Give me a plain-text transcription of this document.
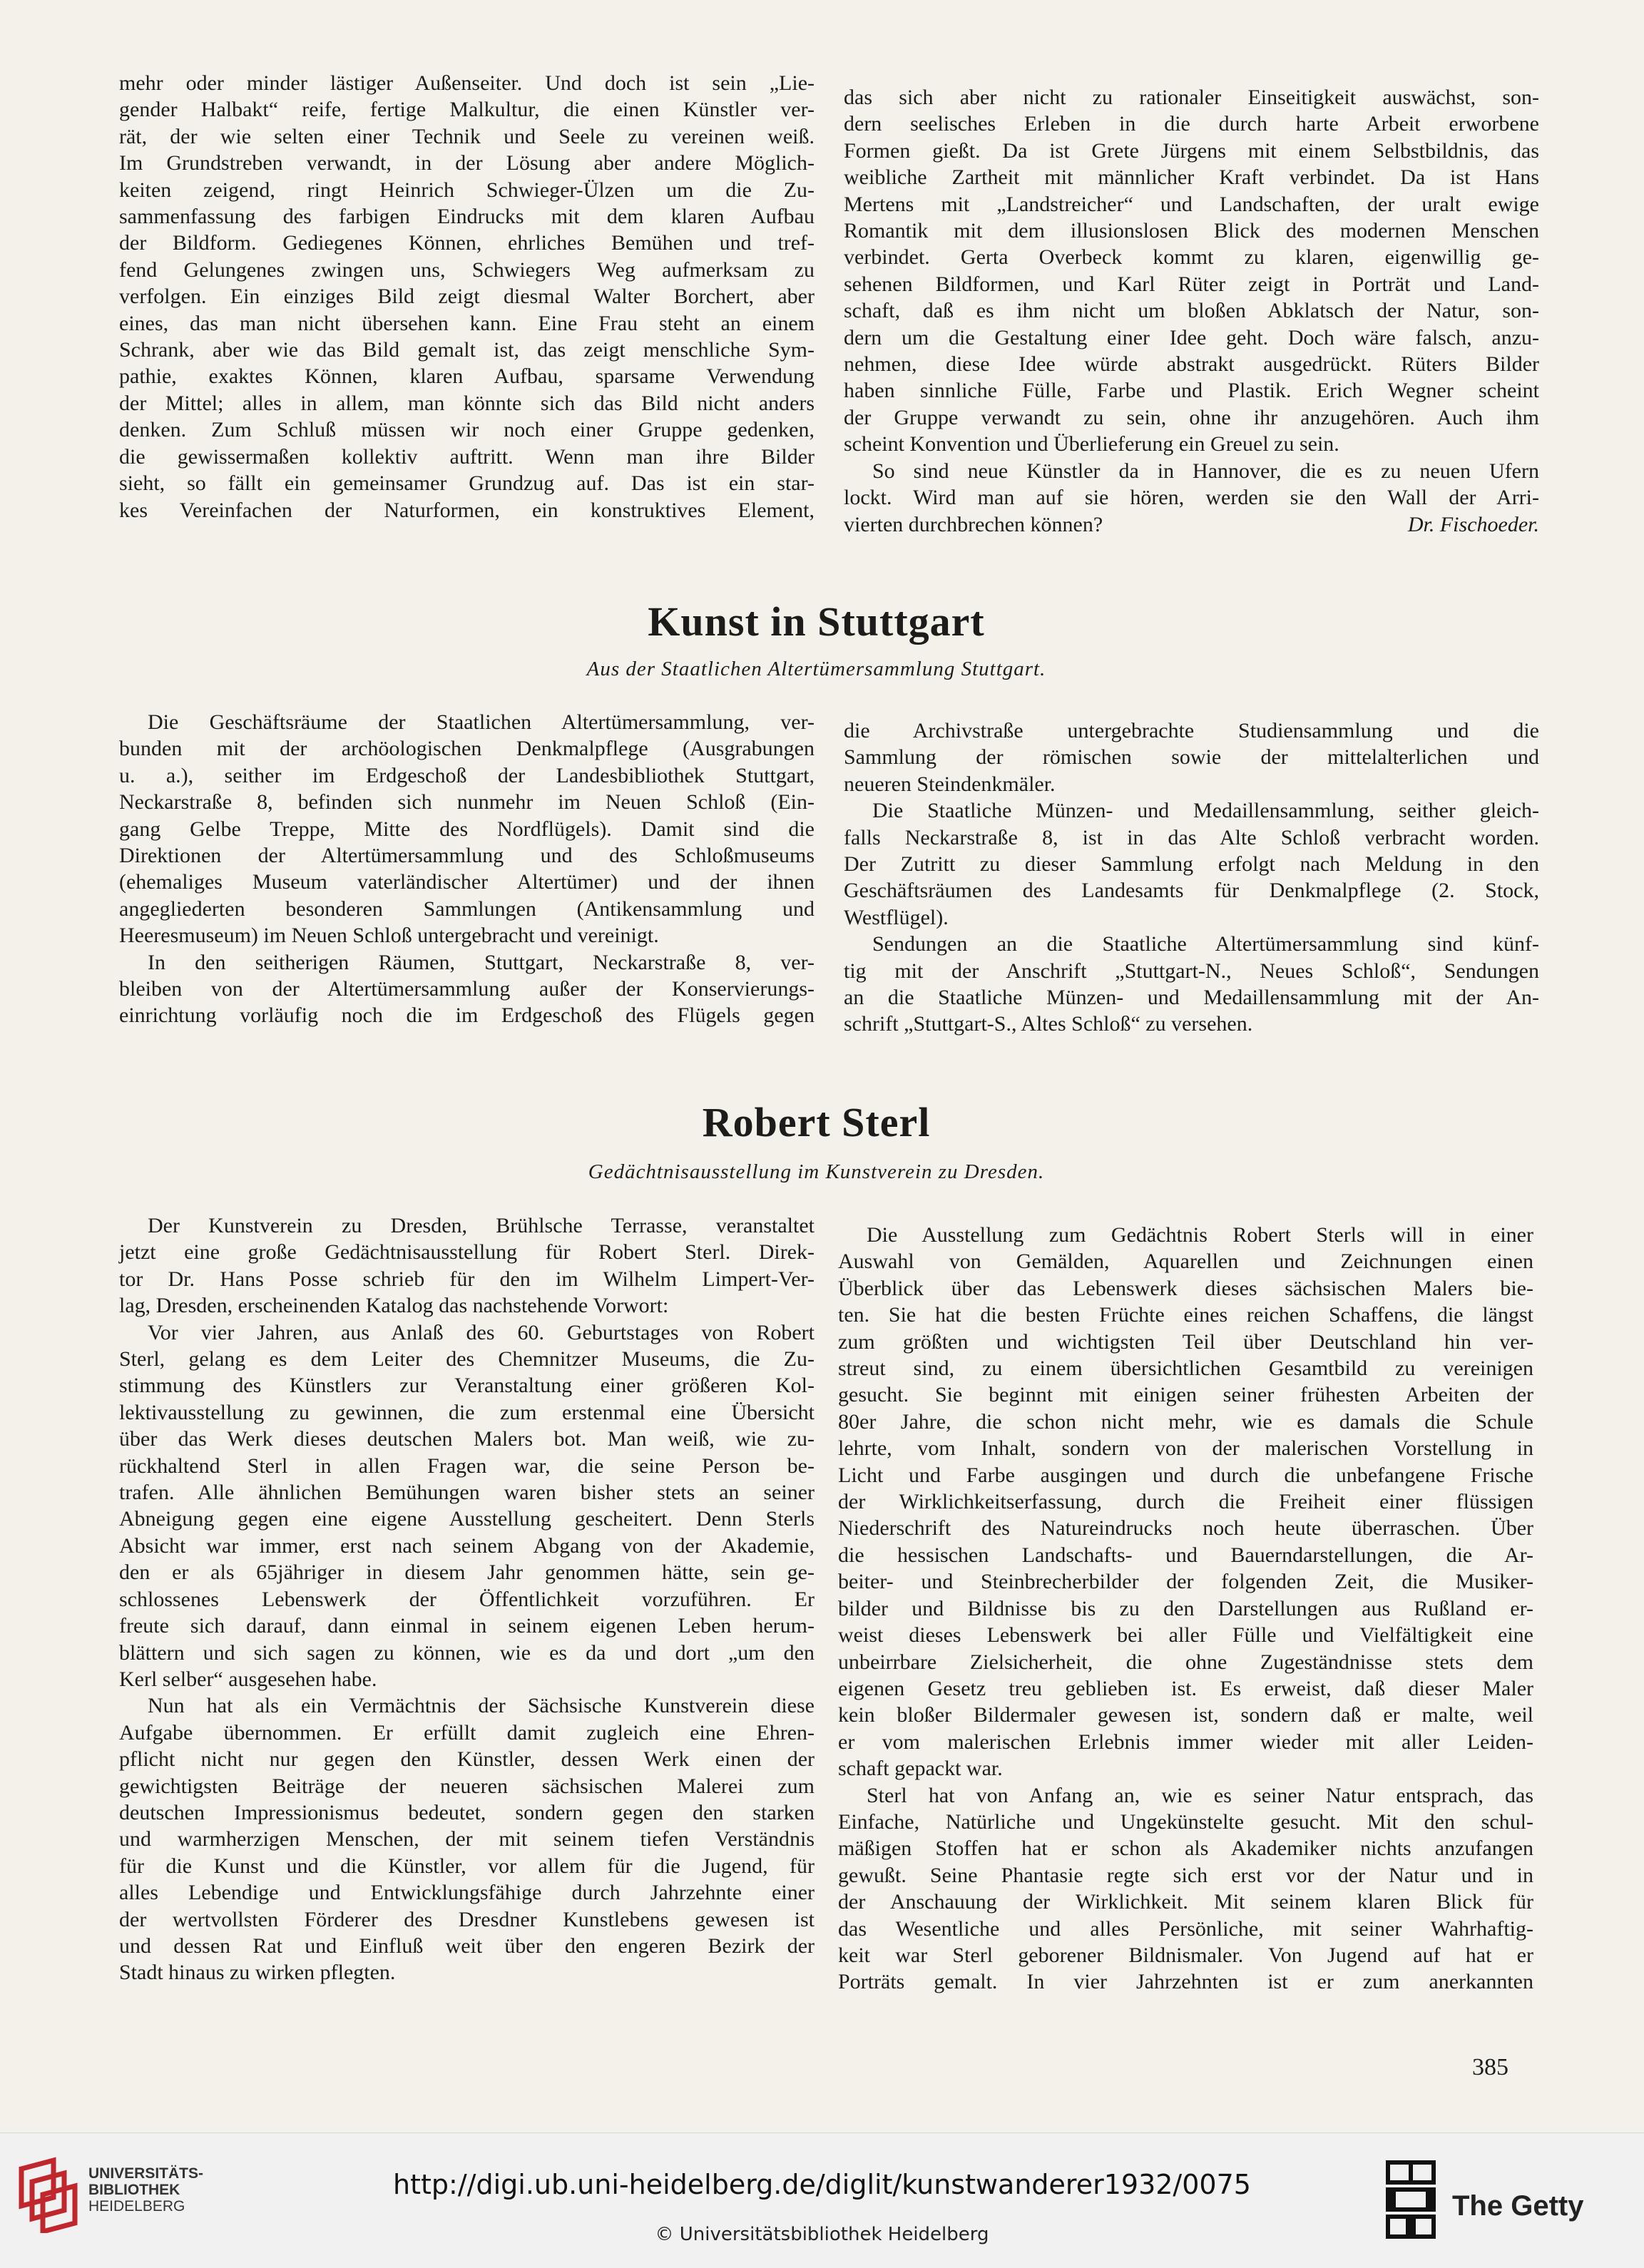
mehr oder minder lästiger Außenseiter. Und doch ist sein „Lie-

gender Halbakt“ reife, fertige Malkultur, die einen Künstler ver-

rät, der wie selten einer Technik und Seele zu vereinen weiß.

Im Grundstreben verwandt, in der Lösung aber andere Möglich-

keiten zeigend, ringt Heinrich Schwieger-Ülzen um die Zu-

sammenfassung des farbigen Eindrucks mit dem klaren Aufbau

der Bildform. Gediegenes Können, ehrliches Bemühen und tref-

fend Gelungenes zwingen uns, Schwiegers Weg aufmerksam zu

verfolgen. Ein einziges Bild zeigt diesmal Walter Borchert, aber

eines, das man nicht übersehen kann. Eine Frau steht an einem

Schrank, aber wie das Bild gemalt ist, das zeigt menschliche Sym-

pathie, exaktes Können, klaren Aufbau, sparsame Verwendung

der Mittel; alles in allem, man könnte sich das Bild nicht anders

denken. Zum Schluß müssen wir noch einer Gruppe gedenken,

die gewissermaßen kollektiv auftritt. Wenn man ihre Bilder

sieht, so fällt ein gemeinsamer Grundzug auf. Das ist ein star-

kes Vereinfachen der Naturformen, ein konstruktives Element,

das sich aber nicht zu rationaler Einseitigkeit auswächst, son-

dern seelisches Erleben in die durch harte Arbeit erworbene

Formen gießt. Da ist Grete Jürgens mit einem Selbstbildnis, das

weibliche Zartheit mit männlicher Kraft verbindet. Da ist Hans

Mertens mit „Landstreicher“ und Landschaften, der uralt ewige

Romantik mit dem illusionslosen Blick des modernen Menschen

verbindet. Gerta Overbeck kommt zu klaren, eigenwillig ge-

sehenen Bildformen, und Karl Rüter zeigt in Porträt und Land-

schaft, daß es ihm nicht um bloßen Abklatsch der Natur, son-

dern um die Gestaltung einer Idee geht. Doch wäre falsch, anzu-

nehmen, diese Idee würde abstrakt ausgedrückt. Rüters Bilder

haben sinnliche Fülle, Farbe und Plastik. Erich Wegner scheint

der Gruppe verwandt zu sein, ohne ihr anzugehören. Auch ihm

scheint Konvention und Überlieferung ein Greuel zu sein.

So sind neue Künstler da in Hannover, die es zu neuen Ufern

lockt. Wird man auf sie hören, werden sie den Wall der Arri-

vierten durchbrechen können?	Dr. Fischoeder.

Kunst in Stuttgart
Aus der Staatlichen Altertümersammlung Stuttgart.

Die Geschäftsräume der Staatlichen Altertümersammlung, ver-

bunden mit der archöologischen Denkmalpflege (Ausgrabungen

u. a.), seither im Erdgeschoß der Landesbibliothek Stuttgart,

Neckarstraße 8, befinden sich nunmehr im Neuen Schloß (Ein-

gang Gelbe Treppe, Mitte des Nordflügels). Damit sind die

Direktionen der Altertümersammlung und des Schloßmuseums

(ehemaliges Museum vaterländischer Altertümer) und der ihnen

angegliederten besonderen Sammlungen (Antikensammlung und

Heeresmuseum) im Neuen Schloß untergebracht und vereinigt.

In den seitherigen Räumen, Stuttgart, Neckarstraße 8, ver-

bleiben von der Altertümersammlung außer der Konservierungs-

einrichtung vorläufig noch die im Erdgeschoß des Flügels gegen

die Archivstraße untergebrachte Studiensammlung und die

Sammlung der römischen sowie der mittelalterlichen und

neueren Steindenkmäler.

Die Staatliche Münzen- und Medaillensammlung, seither gleich-

falls Neckarstraße 8, ist in das Alte Schloß verbracht worden.

Der Zutritt zu dieser Sammlung erfolgt nach Meldung in den

Geschäftsräumen des Landesamts für Denkmalpflege (2. Stock,

Westflügel).

Sendungen an die Staatliche Altertümersammlung sind künf-

tig mit der Anschrift „Stuttgart-N., Neues Schloß“, Sendungen

an die Staatliche Münzen- und Medaillensammlung mit der An-

schrift „Stuttgart-S., Altes Schloß“ zu versehen.

Robert Sterl
Gedächtnisausstellung im Kunstverein zu Dresden.

Der Kunstverein zu Dresden, Brühlsche Terrasse, veranstaltet

jetzt eine große Gedächtnisausstellung für Robert Sterl. Direk-

tor Dr. Hans Posse schrieb für den im Wilhelm Limpert-Ver-

lag, Dresden, erscheinenden Katalog das nachstehende Vorwort:

Vor vier Jahren, aus Anlaß des 60. Geburtstages von Robert

Sterl, gelang es dem Leiter des Chemnitzer Museums, die Zu-

stimmung des Künstlers zur Veranstaltung einer größeren Kol-

lektivausstellung zu gewinnen, die zum erstenmal eine Übersicht

über das Werk dieses deutschen Malers bot. Man weiß, wie zu-

rückhaltend Sterl in allen Fragen war, die seine Person be-

trafen. Alle ähnlichen Bemühungen waren bisher stets an seiner

Abneigung gegen eine eigene Ausstellung gescheitert. Denn Sterls

Absicht war immer, erst nach seinem Abgang von der Akademie,

den er als 65jähriger in diesem Jahr genommen hätte, sein ge-

schlossenes Lebenswerk der Öffentlichkeit vorzuführen. Er

freute sich darauf, dann einmal in seinem eigenen Leben herum-

blättern und sich sagen zu können, wie es da und dort „um den

Kerl selber“ ausgesehen habe.

Nun hat als ein Vermächtnis der Sächsische Kunstverein diese

Aufgabe übernommen. Er erfüllt damit zugleich eine Ehren-

pflicht nicht nur gegen den Künstler, dessen Werk einen der

gewichtigsten Beiträge der neueren sächsischen Malerei zum

deutschen Impressionismus bedeutet, sondern gegen den starken

und warmherzigen Menschen, der mit seinem tiefen Verständnis

für die Kunst und die Künstler, vor allem für die Jugend, für

alles Lebendige und Entwicklungsfähige durch Jahrzehnte einer

der wertvollsten Förderer des Dresdner Kunstlebens gewesen ist

und dessen Rat und Einfluß weit über den engeren Bezirk der

Stadt hinaus zu wirken pflegten.

Die Ausstellung zum Gedächtnis Robert Sterls will in einer

Auswahl von Gemälden, Aquarellen und Zeichnungen einen

Überblick über das Lebenswerk dieses sächsischen Malers bie-

ten. Sie hat die besten Früchte eines reichen Schaffens, die längst

zum größten und wichtigsten Teil über Deutschland hin ver-

streut sind, zu einem übersichtlichen Gesamtbild zu vereinigen

gesucht. Sie beginnt mit einigen seiner frühesten Arbeiten der

80er Jahre, die schon nicht mehr, wie es damals die Schule

lehrte, vom Inhalt, sondern von der malerischen Vorstellung in

Licht und Farbe ausgingen und durch die unbefangene Frische

der Wirklichkeitserfassung, durch die Freiheit einer flüssigen

Niederschrift des Natureindrucks noch heute überraschen. Über

die hessischen Landschafts- und Bauerndarstellungen, die Ar-

beiter- und Steinbrecherbilder der folgenden Zeit, die Musiker-

bilder und Bildnisse bis zu den Darstellungen aus Rußland er-

weist dieses Lebenswerk bei aller Fülle und Vielfältigkeit eine

unbeirrbare Zielsicherheit, die ohne Zugeständnisse stets dem

eigenen Gesetz treu geblieben ist. Es erweist, daß dieser Maler

kein bloßer Bildermaler gewesen ist, sondern daß er malte, weil

er vom malerischen Erlebnis immer wieder mit aller Leiden-

schaft gepackt war.

Sterl hat von Anfang an, wie es seiner Natur entsprach, das

Einfache, Natürliche und Ungekünstelte gesucht. Mit den schul-

mäßigen Stoffen hat er schon als Akademiker nichts anzufangen

gewußt. Seine Phantasie regte sich erst vor der Natur und in

der Anschauung der Wirklichkeit. Mit seinem klaren Blick für

das Wesentliche und alles Persönliche, mit seiner Wahrhaftig-

keit war Sterl geborener Bildnismaler. Von Jugend auf hat er

Porträts gemalt. In vier Jahrzehnten ist er zum anerkannten

385
UNIVERSITÄTS-
BIBLIOTHEK
HEIDELBERG
http://digi.ub.uni-heidelberg.de/diglit/kunstwanderer1932/0075
© Universitätsbibliothek Heidelberg
The Getty
